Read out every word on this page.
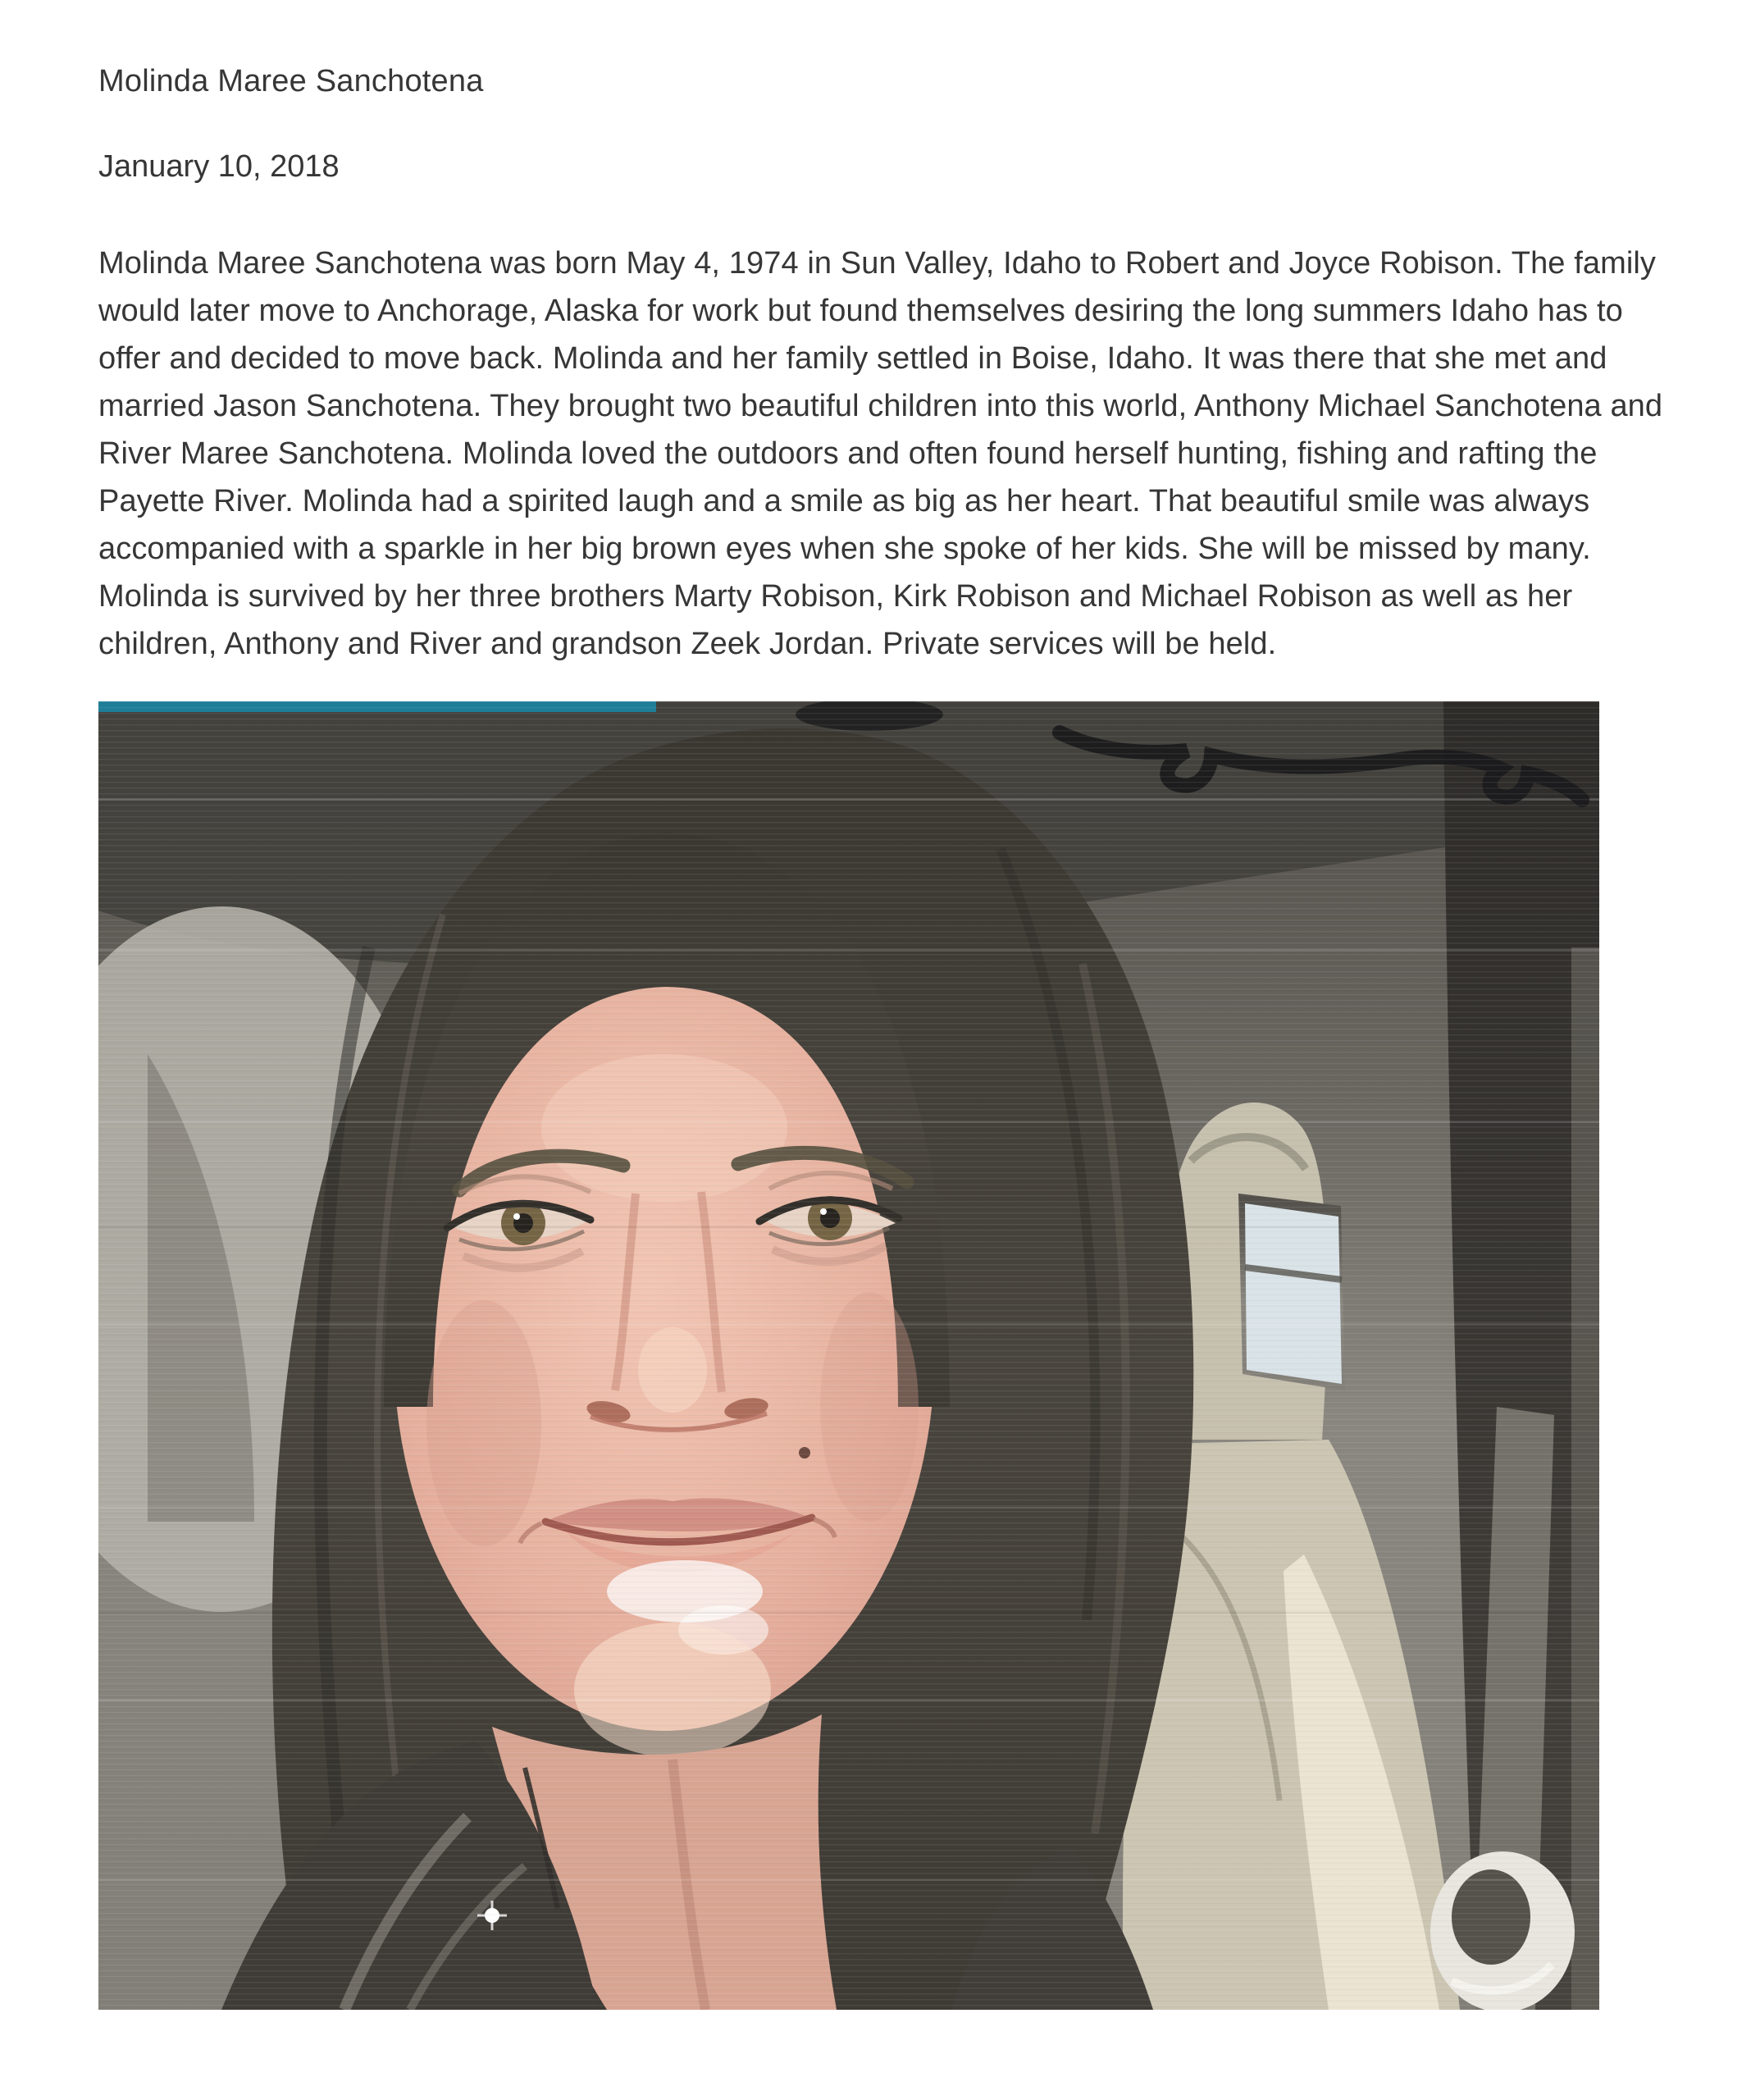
Molinda Maree Sanchotena
January 10, 2018

Molinda Maree Sanchotena was born May 4, 1974 in Sun Valley, Idaho to Robert and Joyce Robison. The family would later move to Anchorage, Alaska for work but found themselves desiring the long summers Idaho has to offer and decided to move back. Molinda and her family settled in Boise, Idaho. It was there that she met and married Jason Sanchotena. They brought two beautiful children into this world, Anthony Michael Sanchotena and River Maree Sanchotena. Molinda loved the outdoors and often found herself hunting, fishing and rafting the Payette River. Molinda had a spirited laugh and a smile as big as her heart. That beautiful smile was always accompanied with a sparkle in her big brown eyes when she spoke of her kids. She will be missed by many. Molinda is survived by her three brothers Marty Robison, Kirk Robison and Michael Robison as well as her children, Anthony and River and grandson Zeek Jordan. Private services will be held.
